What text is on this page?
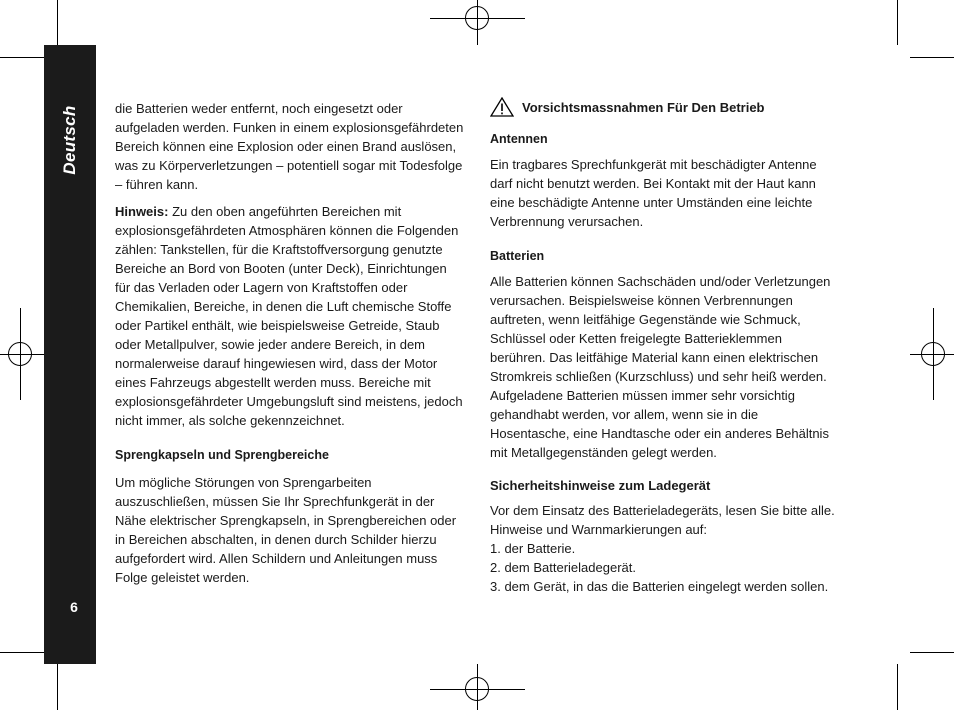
Deutsch
6

die Batterien weder entfernt, noch eingesetzt oder aufgeladen werden. Funken in einem explosionsgefährdeten Bereich können eine Explosion oder einen Brand auslösen, was zu Körperverletzungen – potentiell sogar mit Todesfolge – führen kann.

Hinweis: Zu den oben angeführten Bereichen mit explosionsgefährdeten Atmosphären können die Folgenden zählen: Tankstellen, für die Kraftstoffversorgung genutzte Bereiche an Bord von Booten (unter Deck), Einrichtungen für das Verladen oder Lagern von Kraftstoffen oder Chemikalien, Bereiche, in denen die Luft chemische Stoffe oder Partikel enthält, wie beispielsweise Getreide, Staub oder Metallpulver, sowie jeder andere Bereich, in dem normalerweise darauf hingewiesen wird, dass der Motor eines Fahrzeugs abgestellt werden muss. Bereiche mit explosionsgefährdeter Umgebungsluft sind meistens, jedoch nicht immer, als solche gekennzeichnet.

Sprengkapseln und Sprengbereiche

Um mögliche Störungen von Sprengarbeiten auszuschließen, müssen Sie Ihr Sprechfunkgerät in der Nähe elektrischer Sprengkapseln, in Sprengbereichen oder in Bereichen abschalten, in denen durch Schilder hierzu aufgefordert wird. Allen Schildern und Anleitungen muss Folge geleistet werden.

Vorsichtsmassnahmen Für Den Betrieb
Antennen

Ein tragbares Sprechfunkgerät mit beschädigter Antenne darf nicht benutzt werden. Bei Kontakt mit der Haut kann eine beschädigte Antenne unter Umständen eine leichte Verbrennung verursachen.

Batterien

Alle Batterien können Sachschäden und/oder Verletzungen verursachen. Beispielsweise können Verbrennungen auftreten, wenn leitfähige Gegenstände wie Schmuck, Schlüssel oder Ketten freigelegte Batterieklemmen berühren. Das leitfähige Material kann einen elektrischen Stromkreis schließen (Kurzschluss) und sehr heiß werden. Aufgeladene Batterien müssen immer sehr vorsichtig gehandhabt werden, vor allem, wenn sie in die Hosentasche, eine Handtasche oder ein anderes Behältnis mit Metallgegenständen gelegt werden.

Sicherheitshinweise zum Ladegerät

Vor dem Einsatz des Batterieladegeräts, lesen Sie bitte alle. Hinweise und Warnmarkierungen auf:

1. der Batterie.
2. dem Batterieladegerät.
3. dem Gerät, in das die Batterien eingelegt werden sollen.
